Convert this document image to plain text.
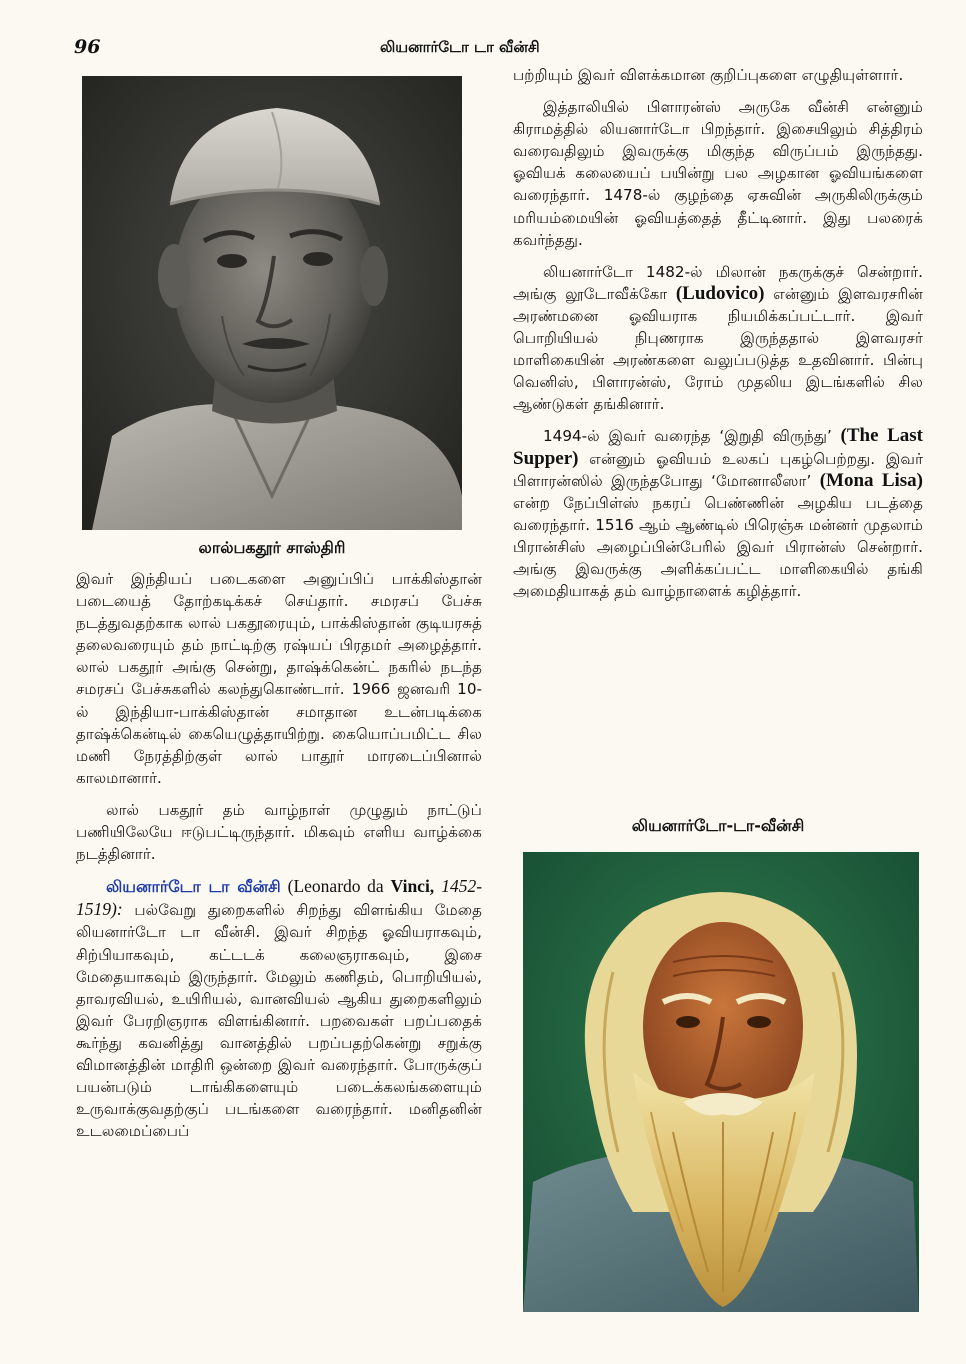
96	லியனார்டோ டா வீன்சி
லால்பகதூர் சாஸ்திரி

இவர் இந்தியப் படைகளை அனுப்பிப் பாக்கிஸ்தான் படையைத் தோற்கடிக்கச் செய்தார். சமரசப் பேச்சு நடத்துவதற்காக லால் பகதூரையும், பாக்கிஸ்தான் குடியரசுத் தலைவரையும் தம் நாட்டிற்கு ரஷ்யப் பிரதமர் அழைத்தார். லால் பகதூர் அங்கு சென்று, தாஷ்க்கென்ட் நகரில் நடந்த சமரசப் பேச்சுகளில் கலந்துகொண்டார். 1966 ஜனவரி 10-ல் இந்தியா-பாக்கிஸ்தான் சமாதான உடன்படிக்கை தாஷ்க்கென்டில் கையெழுத்தாயிற்று. கையொப்பமிட்ட சில மணி நேரத்திற்குள் லால் பாதூர் மாரடைப்பினால் காலமானார்.

லால் பகதூர் தம் வாழ்நாள் முழுதும் நாட்டுப் பணியிலேயே ஈடுபட்டிருந்தார். மிகவும் எளிய வாழ்க்கை நடத்தினார்.

லியனார்டோ டா வீன்சி (Leonardo da Vinci, 1452-1519): பல்வேறு துறைகளில் சிறந்து விளங்கிய மேதை லியனார்டோ டா வீன்சி. இவர் சிறந்த ஓவியராகவும், சிற்பியாகவும், கட்டடக் கலைஞராகவும், இசை மேதையாகவும் இருந்தார். மேலும் கணிதம், பொறியியல், தாவரவியல், உயிரியல், வானவியல் ஆகிய துறைகளிலும் இவர் பேரறிஞராக விளங்கினார். பறவைகள் பறப்பதைக் கூர்ந்து கவனித்து வானத்தில் பறப்பதற்கென்று சறுக்கு விமானத்தின் மாதிரி ஒன்றை இவர் வரைந்தார். போருக்குப் பயன்படும் டாங்கிகளையும் படைக்கலங்களையும் உருவாக்குவதற்குப் படங்களை வரைந்தார். மனிதனின் உடலமைப்பைப்

பற்றியும் இவர் விளக்கமான குறிப்புகளை எழுதியுள்ளார்.

இத்தாலியில் பிளாரன்ஸ் அருகே வீன்சி என்னும் கிராமத்தில் லியனார்டோ பிறந்தார். இசையிலும் சித்திரம் வரைவதிலும் இவருக்கு மிகுந்த விருப்பம் இருந்தது. ஓவியக் கலையைப் பயின்று பல அழகான ஓவியங்களை வரைந்தார். 1478-ல் குழந்தை ஏசுவின் அருகிலிருக்கும் மரியம்மையின் ஓவியத்தைத் தீட்டினார். இது பலரைக் கவர்ந்தது.

லியனார்டோ 1482-ல் மிலான் நகருக்குச் சென்றார். அங்கு லூடோவீக்கோ (Ludovico) என்னும் இளவரசரின் அரண்மனை ஓவியராக நியமிக்கப்பட்டார். இவர் பொறியியல் நிபுணராக இருந்ததால் இளவரசர் மாளிகையின் அரண்களை வலுப்படுத்த உதவினார். பின்பு வெனிஸ், பிளாரன்ஸ், ரோம் முதலிய இடங்களில் சில ஆண்டுகள் தங்கினார்.

1494-ல் இவர் வரைந்த ‘இறுதி விருந்து’ (The Last Supper) என்னும் ஓவியம் உலகப் புகழ்பெற்றது. இவர் பிளாரன்ஸில் இருந்தபோது ‘மோனாலீஸா’ (Mona Lisa) என்ற நேப்பிள்ஸ் நகரப் பெண்ணின் அழகிய படத்தை வரைந்தார். 1516 ஆம் ஆண்டில் பிரெஞ்சு மன்னர் முதலாம் பிரான்சிஸ் அழைப்பின்பேரில் இவர் பிரான்ஸ் சென்றார். அங்கு இவருக்கு அளிக்கப்பட்ட மாளிகையில் தங்கி அமைதியாகத் தம் வாழ்நாளைக் கழித்தார்.

லியனார்டோ-டா-வீன்சி
